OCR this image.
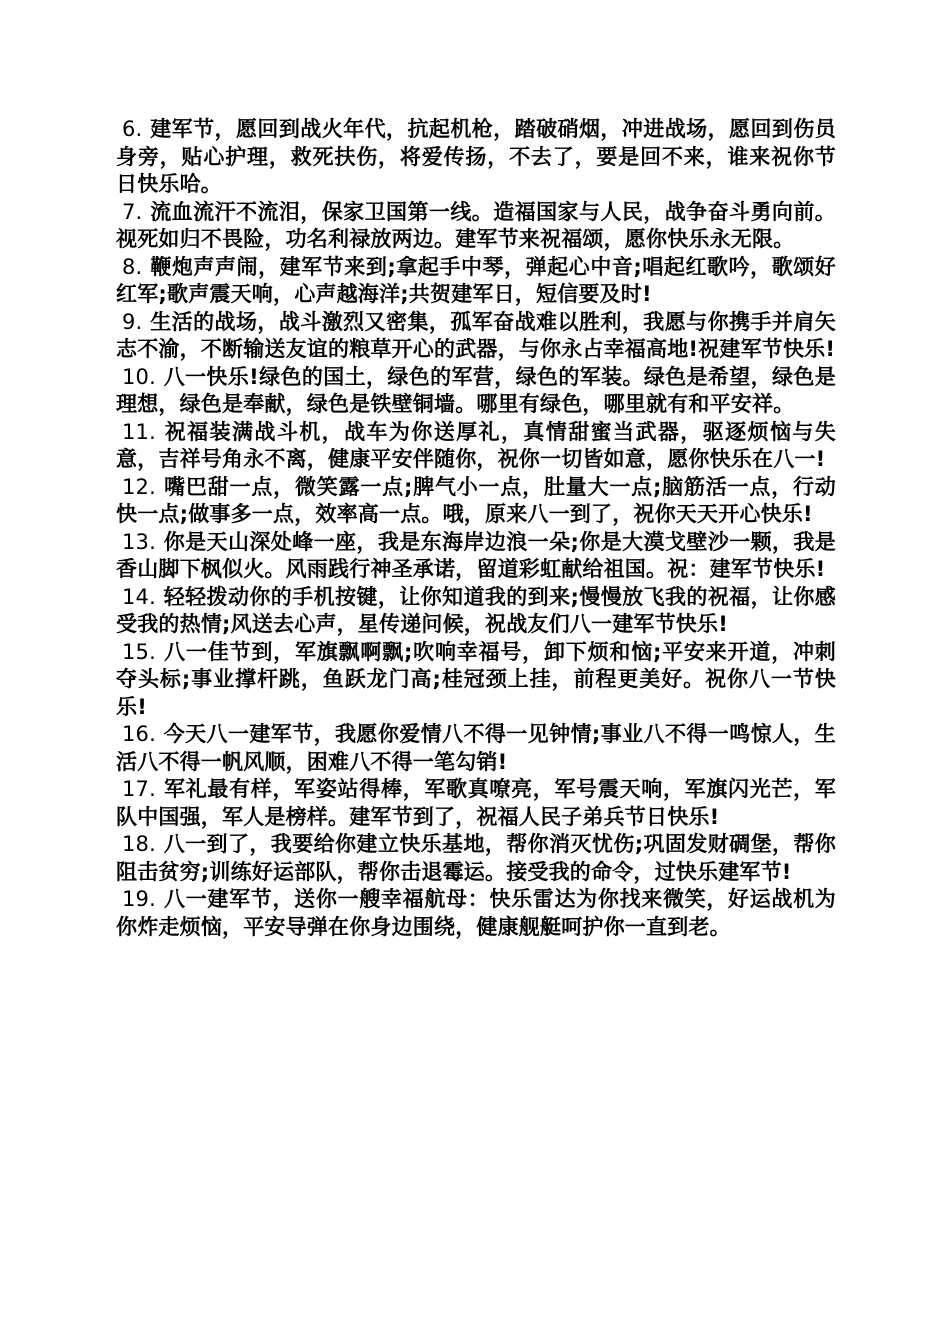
6. 建军节，愿回到战火年代，抗起机枪，踏破硝烟，冲进战场，愿回到伤员身旁，贴心护理，救死扶伤，将爱传扬，不去了，要是回不来，谁来祝你节日快乐哈。

7. 流血流汗不流泪，保家卫国第一线。造福国家与人民，战争奋斗勇向前。视死如归不畏险，功名利禄放两边。建军节来祝福颂，愿你快乐永无限。

8. 鞭炮声声闹，建军节来到;拿起手中琴，弹起心中音;唱起红歌吟，歌颂好红军;歌声震天响，心声越海洋;共贺建军日，短信要及时!

9. 生活的战场，战斗激烈又密集，孤军奋战难以胜利，我愿与你携手并肩矢志不渝，不断输送友谊的粮草开心的武器，与你永占幸福高地!祝建军节快乐!

10. 八一快乐!绿色的国土，绿色的军营，绿色的军装。绿色是希望，绿色是理想，绿色是奉献，绿色是铁壁铜墙。哪里有绿色，哪里就有和平安祥。

11. 祝福装满战斗机，战车为你送厚礼，真情甜蜜当武器，驱逐烦恼与失意，吉祥号角永不离，健康平安伴随你，祝你一切皆如意，愿你快乐在八一!

12. 嘴巴甜一点，微笑露一点;脾气小一点，肚量大一点;脑筋活一点，行动快一点;做事多一点，效率高一点。哦，原来八一到了，祝你天天开心快乐!

13. 你是天山深处峰一座，我是东海岸边浪一朵;你是大漠戈壁沙一颗，我是香山脚下枫似火。风雨践行神圣承诺，留道彩虹献给祖国。祝：建军节快乐!

14. 轻轻拨动你的手机按键，让你知道我的到来;慢慢放飞我的祝福，让你感受我的热情;风送去心声，星传递问候，祝战友们八一建军节快乐!

15. 八一佳节到，军旗飘啊飘;吹响幸福号，卸下烦和恼;平安来开道，冲刺夺头标;事业撑杆跳，鱼跃龙门高;桂冠颈上挂，前程更美好。祝你八一节快乐!

16. 今天八一建军节，我愿你爱情八不得一见钟情;事业八不得一鸣惊人，生活八不得一帆风顺，困难八不得一笔勾销!

17. 军礼最有样，军姿站得棒，军歌真嘹亮，军号震天响，军旗闪光芒，军队中国强，军人是榜样。建军节到了，祝福人民子弟兵节日快乐!

18. 八一到了，我要给你建立快乐基地，帮你消灭忧伤;巩固发财碉堡，帮你阻击贫穷;训练好运部队，帮你击退霉运。接受我的命令，过快乐建军节!

19. 八一建军节，送你一艘幸福航母：快乐雷达为你找来微笑，好运战机为你炸走烦恼，平安导弹在你身边围绕，健康舰艇呵护你一直到老。
